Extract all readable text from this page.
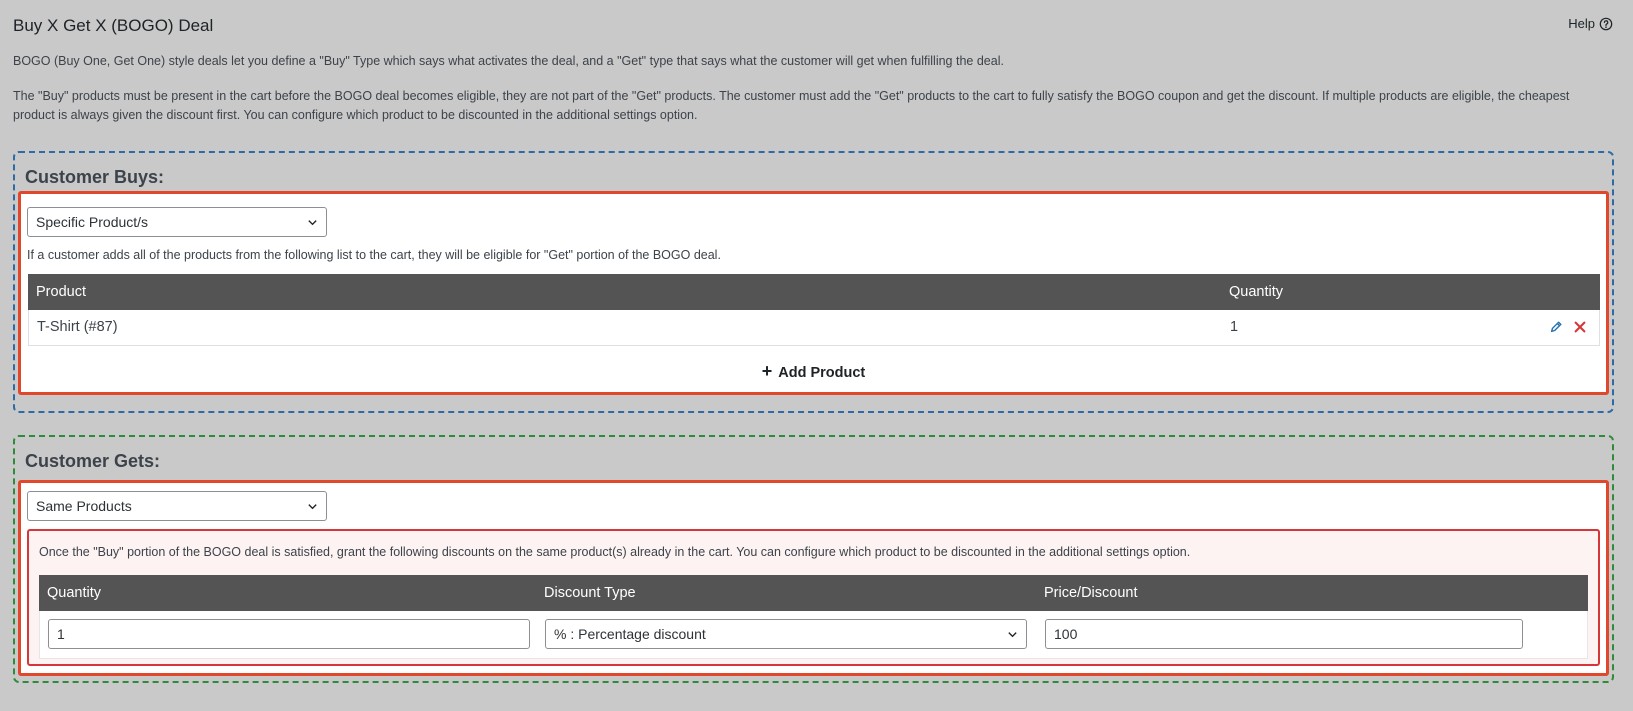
Buy X Get X (BOGO) Deal	Help
BOGO (Buy One, Get One) style deals let you define a "Buy" Type which says what activates the deal, and a "Get" type that says what the customer will get when fulfilling the deal.
The "Buy" products must be present in the cart before the BOGO deal becomes eligible, they are not part of the "Get" products. The customer must add the "Get" products to the cart to fully satisfy the BOGO coupon and get the discount. If multiple products are eligible, the cheapest product is always given the discount first. You can configure which product to be discounted in the additional settings option.
Customer Buys:
Specific Product/s
If a customer adds all of the products from the following list to the cart, they will be eligible for "Get" portion of the BOGO deal.
Product	Quantity
T-Shirt (#87)	1
+ Add Product
Customer Gets:
Same Products
Once the "Buy" portion of the BOGO deal is satisfied, grant the following discounts on the same product(s) already in the cart. You can configure which product to be discounted in the additional settings option.
Quantity	Discount Type	Price/Discount
1	% : Percentage discount	100
